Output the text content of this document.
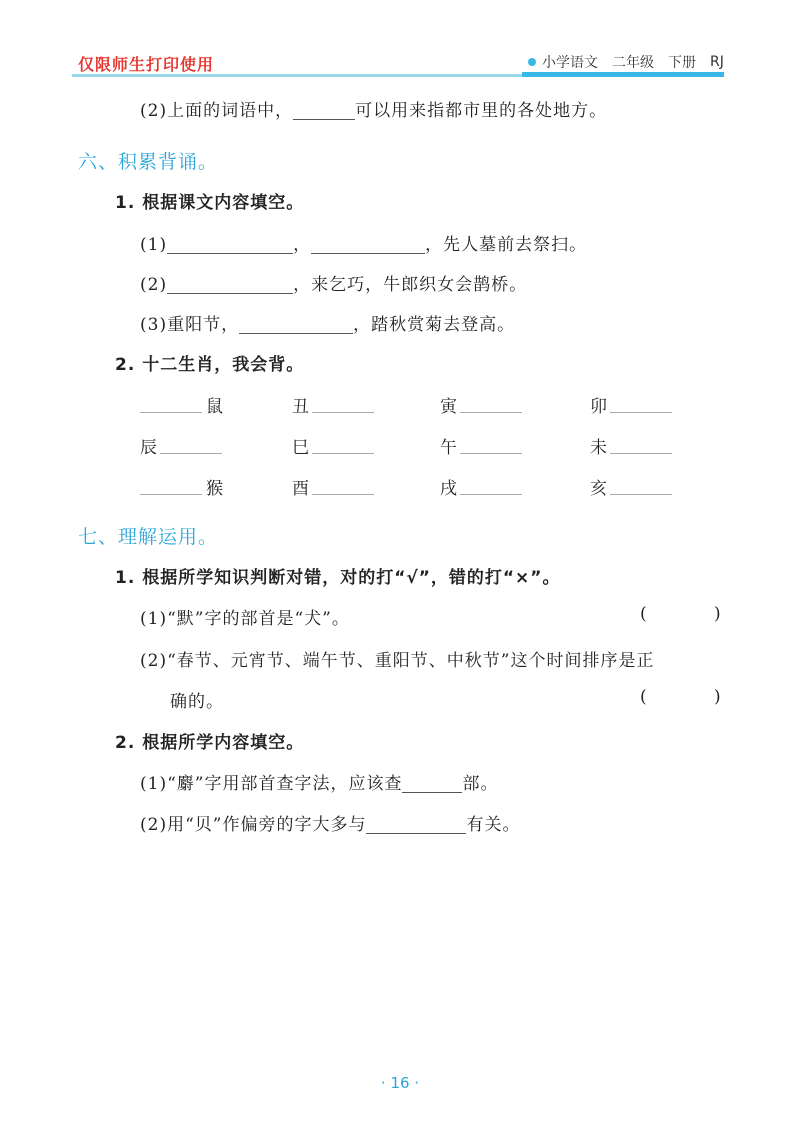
仅限师生打印使用	小学语文 二年级 下册 RJ
(2)上面的词语中，	可以用来指都市里的各处地方。
六、积累背诵。
1. 根据课文内容填空。
(1)	，	，先人墓前去祭扫。
(2)	，来乞巧，牛郎织女会鹊桥。
(3)重阳节，	，踏秋赏菊去登高。
2. 十二生肖，我会背。
鼠	丑	寅	卯
辰	巳	午	未
猴	酉	戌	亥
七、理解运用。
1. 根据所学知识判断对错，对的打“√”，错的打“×”。
(1)“默”字的部首是“犬”。	(	)
(2)“春节、元宵节、端午节、重阳节、中秋节”这个时间排序是正
确的。	(	)
2. 根据所学内容填空。
(1)“麝”字用部首查字法，应该查	部。
(2)用“贝”作偏旁的字大多与	有关。
· 16 ·
